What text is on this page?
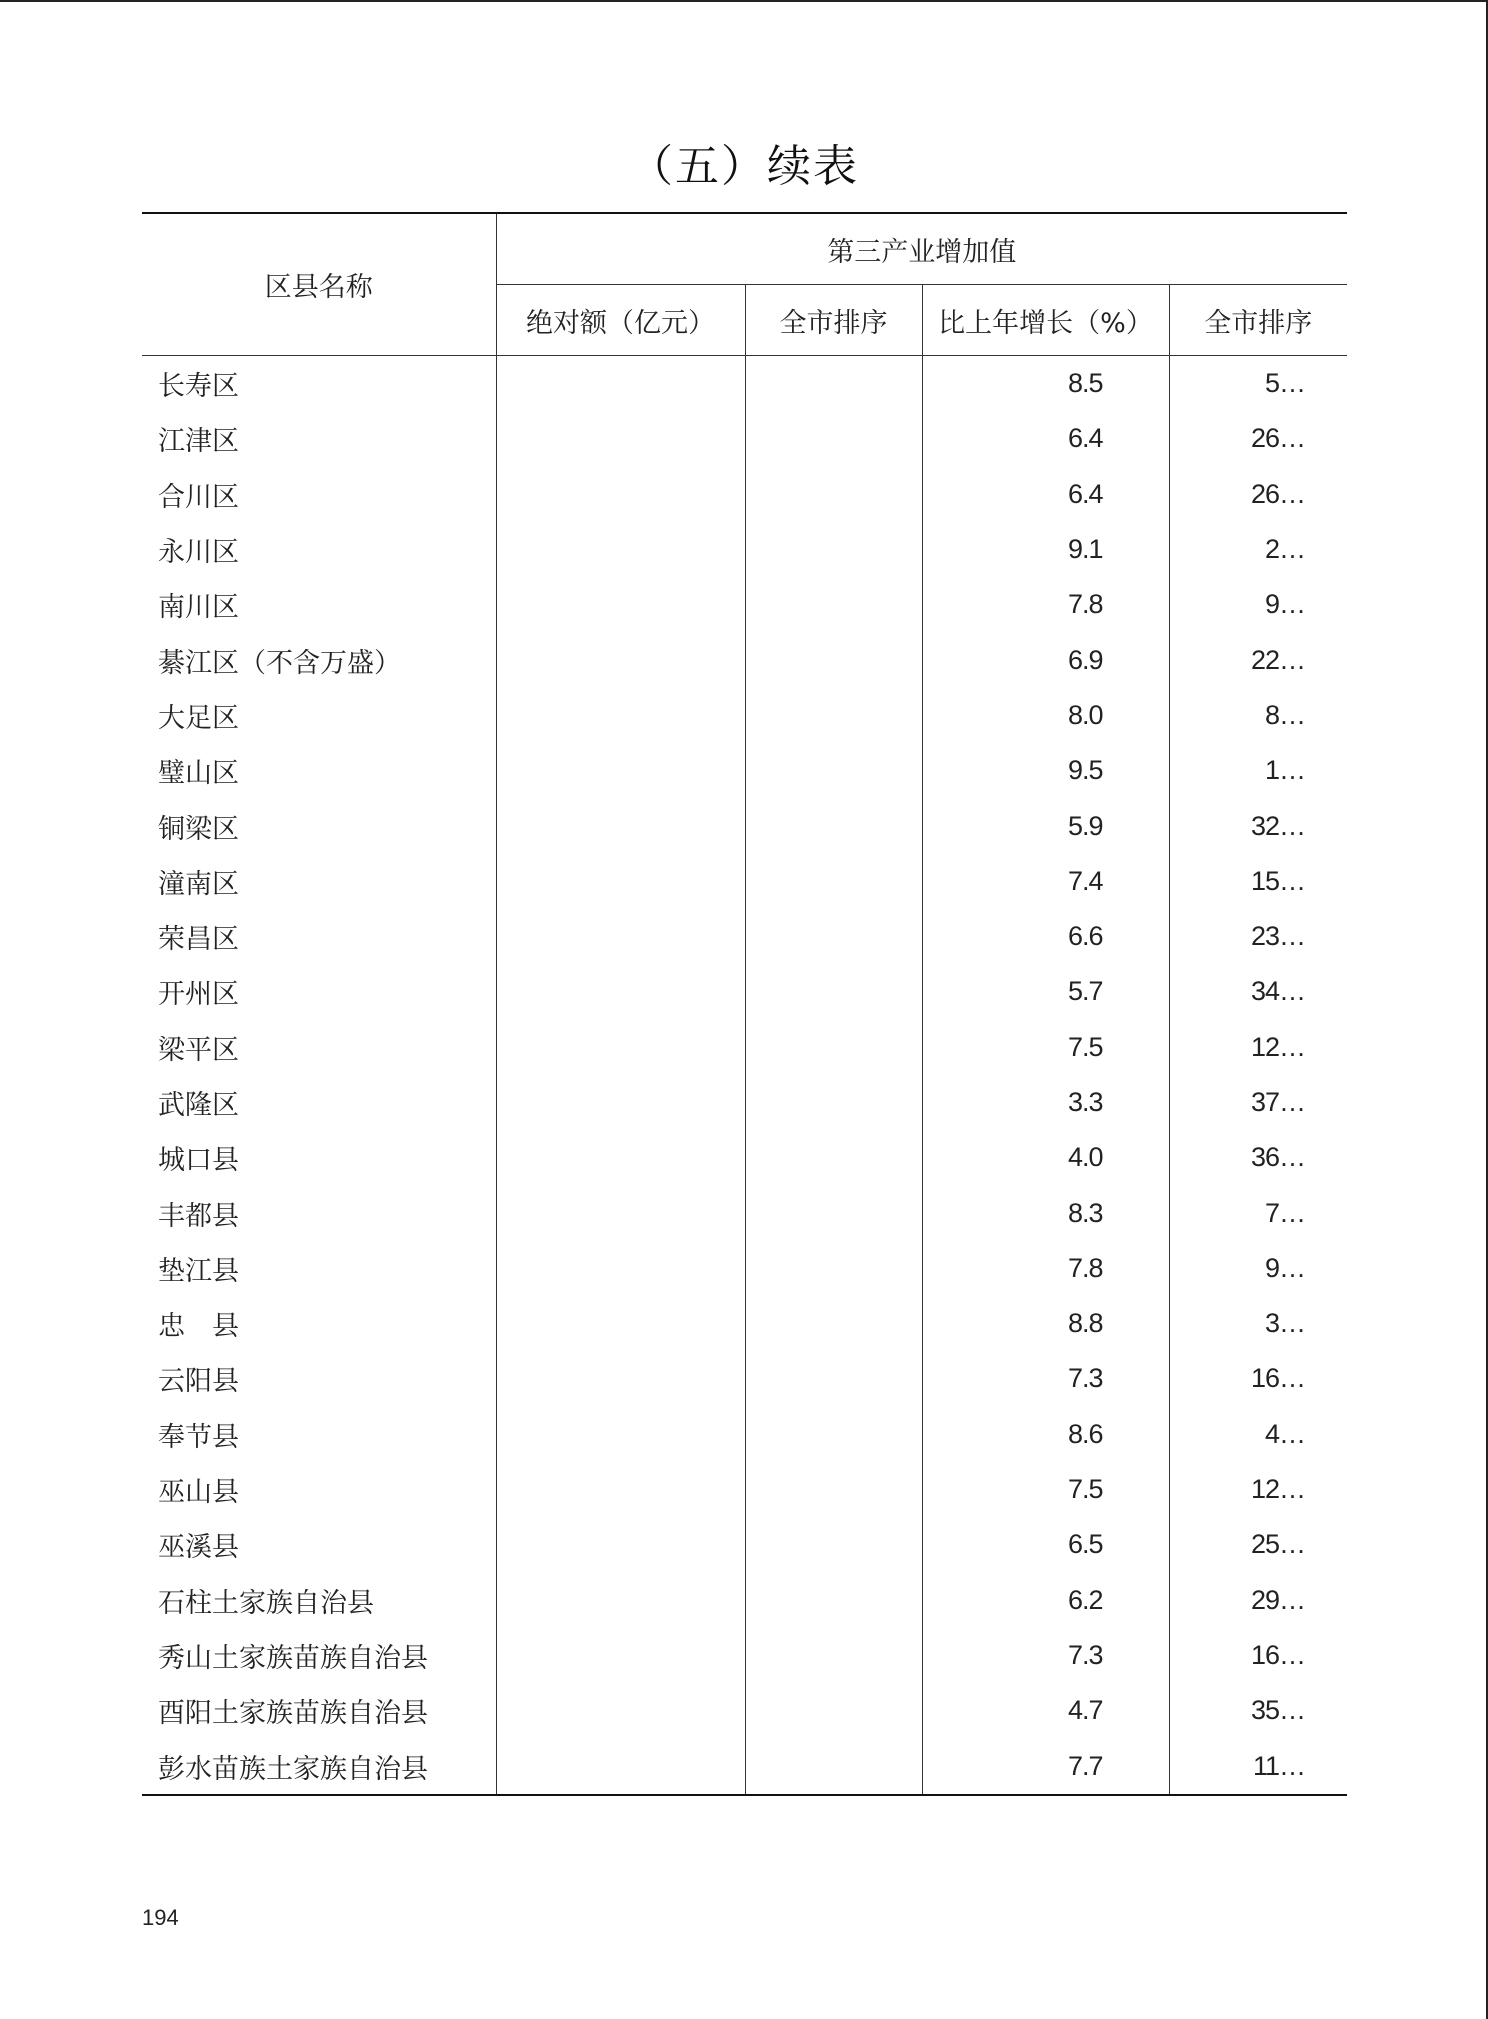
（五）续表
区县名称	第三产业增加值			
	绝对额（亿元）	全市排序	比上年增长（%）	全市排序
长寿区			8.5	5…
江津区			6.4	26…
合川区			6.4	26…
永川区			9.1	2…
南川区			7.8	9…
綦江区（不含万盛）			6.9	22…
大足区			8.0	8…
璧山区			9.5	1…
铜梁区			5.9	32…
潼南区			7.4	15…
荣昌区			6.6	23…
开州区			5.7	34…
梁平区			7.5	12…
武隆区			3.3	37…
城口县			4.0	36…
丰都县			8.3	7…
垫江县			7.8	9…
忠　县			8.8	3…
云阳县			7.3	16…
奉节县			8.6	4…
巫山县			7.5	12…
巫溪县			6.5	25…
石柱土家族自治县			6.2	29…
秀山土家族苗族自治县			7.3	16…
酉阳土家族苗族自治县			4.7	35…
彭水苗族土家族自治县			7.7	11…
194
